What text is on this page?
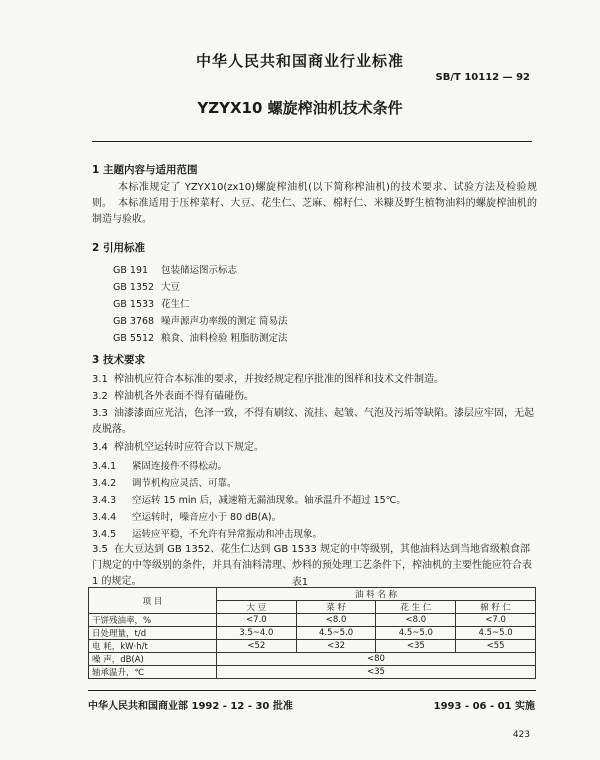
中华人民共和国商业行业标准
SB/T 10112 — 92
YZYX10 螺旋榨油机技术条件
1 主题内容与适用范围
本标准规定了 YZYX10(zx10)螺旋榨油机(以下简称榨油机)的技术要求、试验方法及检验规则。 本标准适用于压榨菜籽、大豆、花生仁、芝麻、棉籽仁、米糠及野生植物油料的螺旋榨油机的制造与验收。
2 引用标准
GB 191 包装储运图示标志
GB 1352 大豆
GB 1533 花生仁
GB 3768 噪声源声功率级的测定 简易法
GB 5512 粮食、油料检验 粗脂肪测定法
3 技术要求
3.1 榨油机应符合本标准的要求，并按经规定程序批准的图样和技术文件制造。
3.2 榨油机各外表面不得有磕碰伤。
3.3 油漆漆面应光洁，色泽一致，不得有刷纹、流挂、起皱、气泡及污垢等缺陷。漆层应牢固，无起皮脱落。
3.4 榨油机空运转时应符合以下规定。
3.4.1 紧固连接件不得松动。
3.4.2 调节机构应灵活、可靠。
3.4.3 空运转 15 min 后，减速箱无漏油现象。轴承温升不超过 15℃。
3.4.4 空运转时，噪音应小于 80 dB(A)。
3.4.5 运转应平稳，不允许有异常振动和冲击现象。
3.5 在大豆达到 GB 1352、花生仁达到 GB 1533 规定的中等级别，其他油料达到当地省级粮食部门规定的中等级别的条件，并具有油料清理、炒料的预处理工艺条件下，榨油机的主要性能应符合表 1 的规定。	表1
项 目	油 料 名 称			
	大 豆	菜 籽	花 生 仁	棉 籽 仁
干饼残油率，%	<7.0	<8.0	<8.0	<7.0
日处理量，t/d	3.5~4.0	4.5~5.0	4.5~5.0	4.5~5.0
电 耗，kW·h/t	<52	<32	<35	<55
噪 声，dB(A)	<80			
轴承温升，℃	<35			
中华人民共和国商业部 1992 - 12 - 30 批准	1993 - 06 - 01 实施
423
